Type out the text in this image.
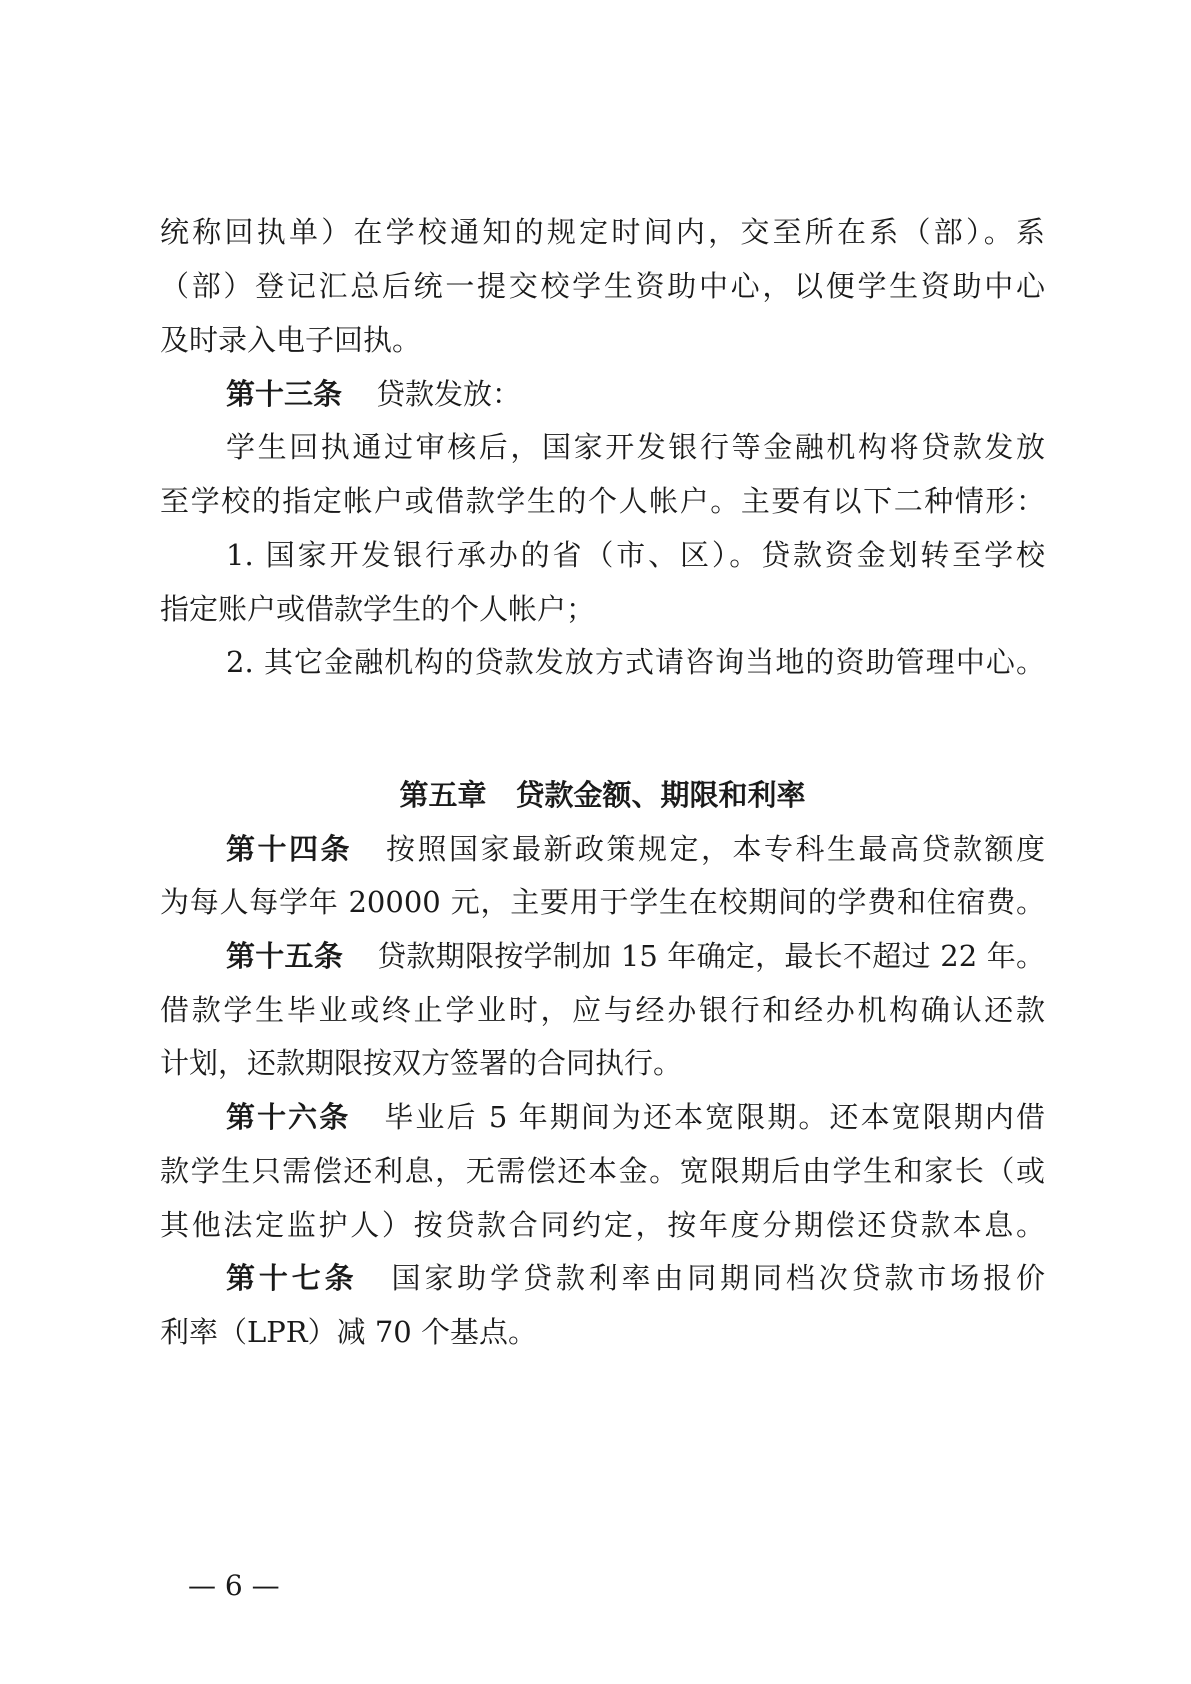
统称回执单）在学校通知的规定时间内，交至所在系（部）。系
（部）登记汇总后统一提交校学生资助中心，以便学生资助中心
及时录入电子回执。
第十三条 贷款发放：
学生回执通过审核后，国家开发银行等金融机构将贷款发放
至学校的指定帐户或借款学生的个人帐户。主要有以下二种情形：
1. 国家开发银行承办的省（市、区）。贷款资金划转至学校
指定账户或借款学生的个人帐户；
2. 其它金融机构的贷款发放方式请咨询当地的资助管理中心。
第五章　贷款金额、期限和利率
第十四条 按照国家最新政策规定，本专科生最高贷款额度
为每人每学年 20000 元，主要用于学生在校期间的学费和住宿费。
第十五条 贷款期限按学制加 15 年确定，最长不超过 22 年。
借款学生毕业或终止学业时，应与经办银行和经办机构确认还款
计划，还款期限按双方签署的合同执行。
第十六条 毕业后 5 年期间为还本宽限期。还本宽限期内借
款学生只需偿还利息，无需偿还本金。宽限期后由学生和家长（或
其他法定监护人）按贷款合同约定，按年度分期偿还贷款本息。
第十七条 国家助学贷款利率由同期同档次贷款市场报价
利率（LPR）减 70 个基点。
— 6 —
